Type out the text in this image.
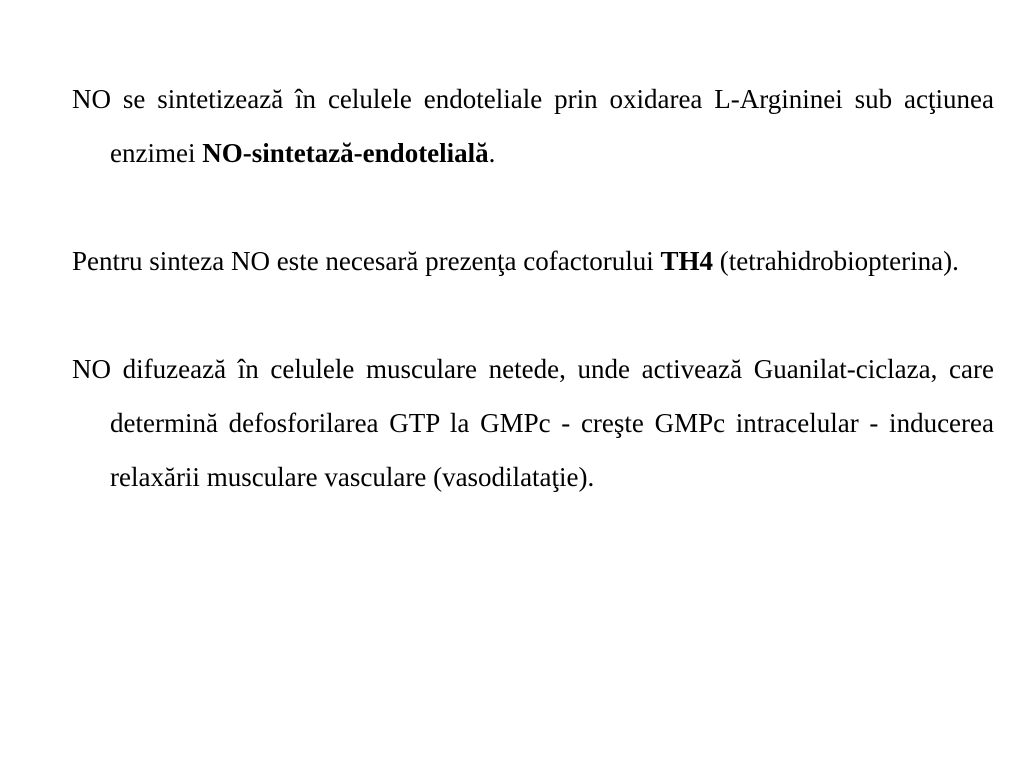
NO se sintetizează în celulele endoteliale prin oxidarea L-Argininei sub acţiunea enzimei NO-sintetază-endotelială.

Pentru sinteza NO este necesară prezenţa cofactorului TH4 (tetrahidrobiopterina).

NO difuzează în celulele musculare netede, unde activează Guanilat-ciclaza, care determină defosforilarea GTP la GMPc - creşte GMPc intracelular - inducerea relaxării musculare vasculare (vasodilataţie).
